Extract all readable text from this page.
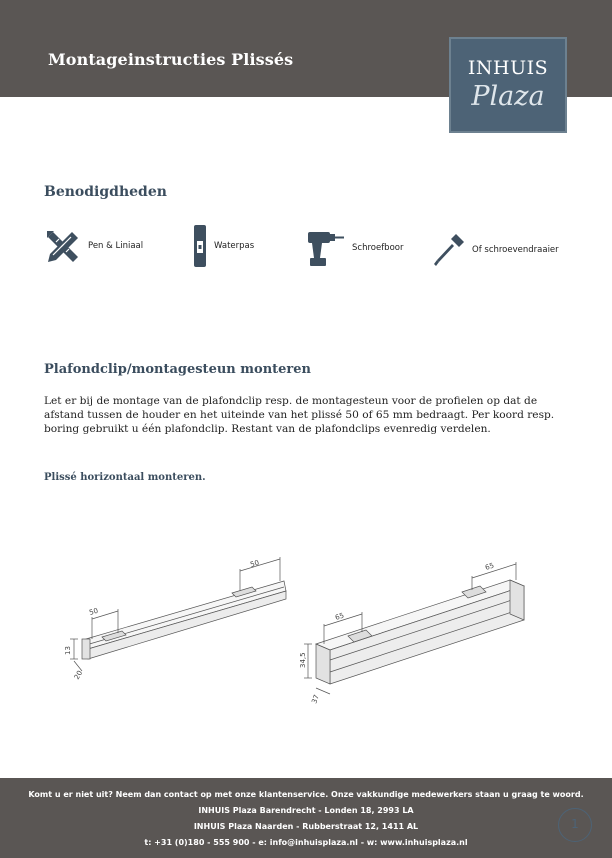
Montageinstructies Plissés	INHUIS
Plaza
Benodigdheden
Pen & Liniaal	Waterpas	Schroefboor	Of schroevendraaier
Plafondclip/montagesteun monteren
Let er bij de montage van de plafondclip resp. de montagesteun voor de profielen op dat de afstand tussen de houder en het uiteinde van het plissé 50 of 65 mm bedraagt. Per koord resp. boring gebruikt u één plafondclip. Restant van de plafondclips evenredig verdelen.
Plissé horizontaal monteren.
50
50
13
20
65
65
34,5
37
Komt u er niet uit? Neem dan contact op met onze klantenservice. Onze vakkundige medewerkers staan u graag te woord.
INHUIS Plaza Barendrecht - Londen 18, 2993 LA
INHUIS Plaza Naarden - Rubberstraat 12, 1411 AL
t: +31 (0)180 - 555 900 - e: info@inhuisplaza.nl - w: www.inhuisplaza.nl
1
